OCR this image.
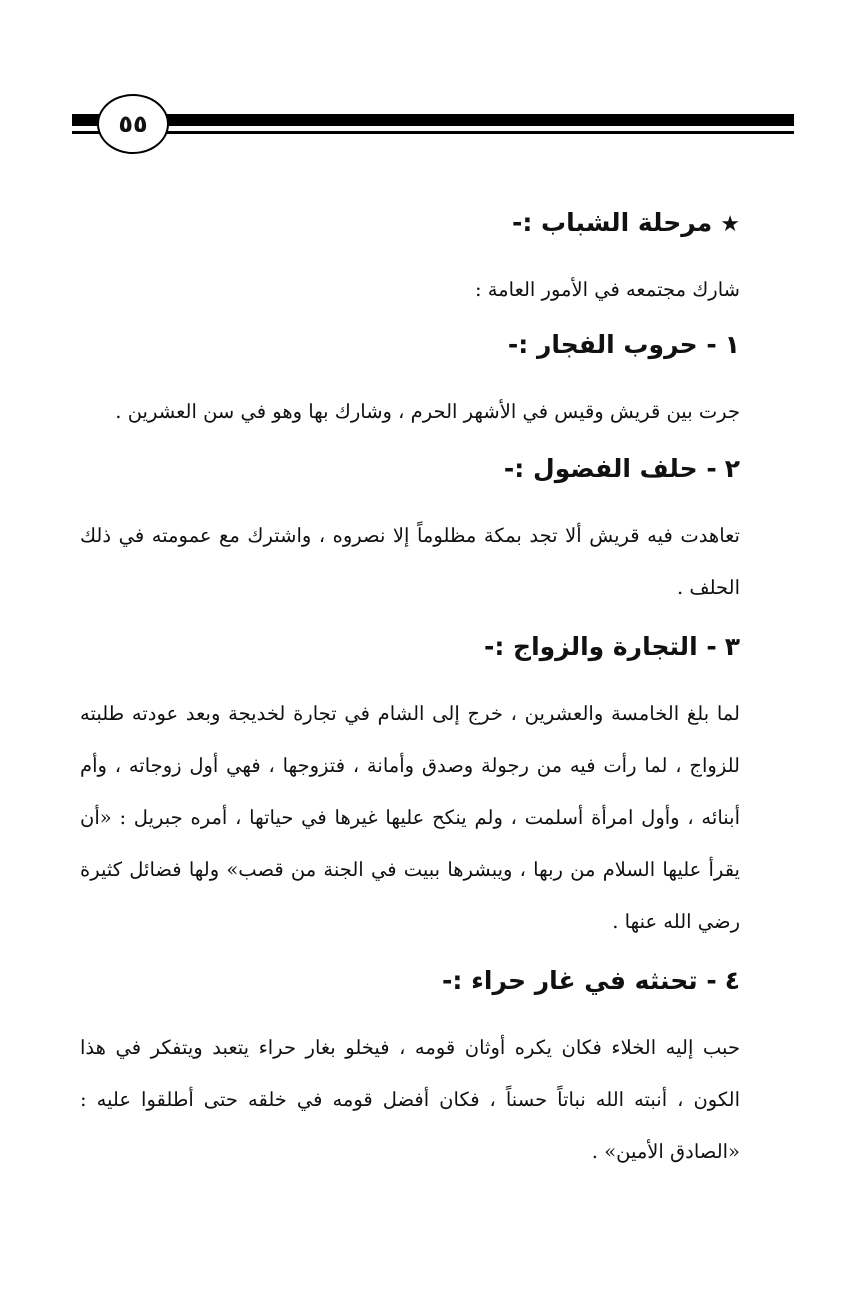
٥٥
★مرحلة الشباب :-

شارك مجتمعه في الأمور العامة :

١- حروب الفجار :-

جرت بين قريش وقيس في الأشهر الحرم ، وشارك بها وهو في سن العشرين .

٢- حلف الفضول :-

تعاهدت فيه قريش ألا تجد بمكة مظلوماً إلا نصروه ، واشترك مع عمومته في ذلك الحلف .

٣- التجارة والزواج :-

لما بلغ الخامسة والعشرين ، خرج إلى الشام في تجارة لخديجة وبعد عودته طلبته للزواج ، لما رأت فيه من رجولة وصدق وأمانة ، فتزوجها ، فهي أول زوجاته ، وأم أبنائه ، وأول امرأة أسلمت ، ولم ينكح عليها غيرها في حياتها ، أمره جبريل : «أن يقرأ عليها السلام من ربها ، ويبشرها ببيت في الجنة من قصب» ولها فضائل كثيرة رضي الله عنها .

٤- تحنثه في غار حراء :-

حبب إليه الخلاء فكان يكره أوثان قومه ، فيخلو بغار حراء يتعبد ويتفكر في هذا الكون ، أنبته الله نباتاً حسناً ، فكان أفضل قومه في خلقه حتى أطلقوا عليه : «الصادق الأمين» .
